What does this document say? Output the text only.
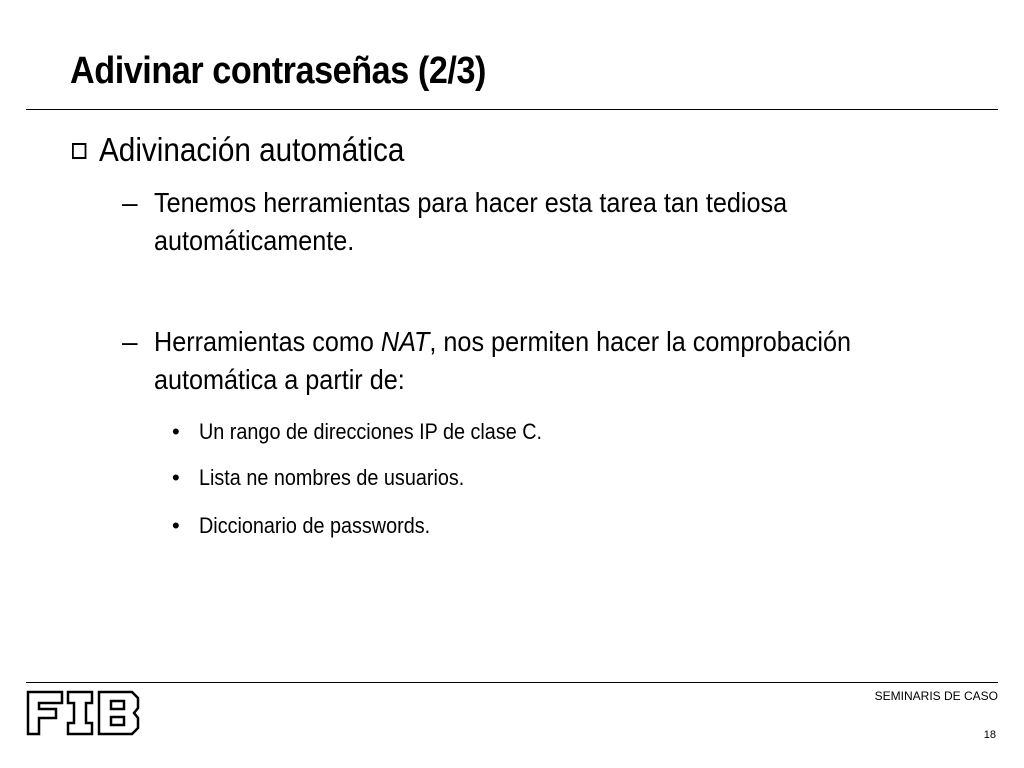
Adivinar contraseñas (2/3)
Adivinación automática
– Tenemos herramientas para hacer esta tarea tan tediosa automáticamente.
– Herramientas como NAT, nos permiten hacer la comprobación automática a partir de:
• Un rango de direcciones IP de clase C.
• Lista ne nombres de usuarios.
• Diccionario de passwords.
SEMINARIS DE CASO
18
